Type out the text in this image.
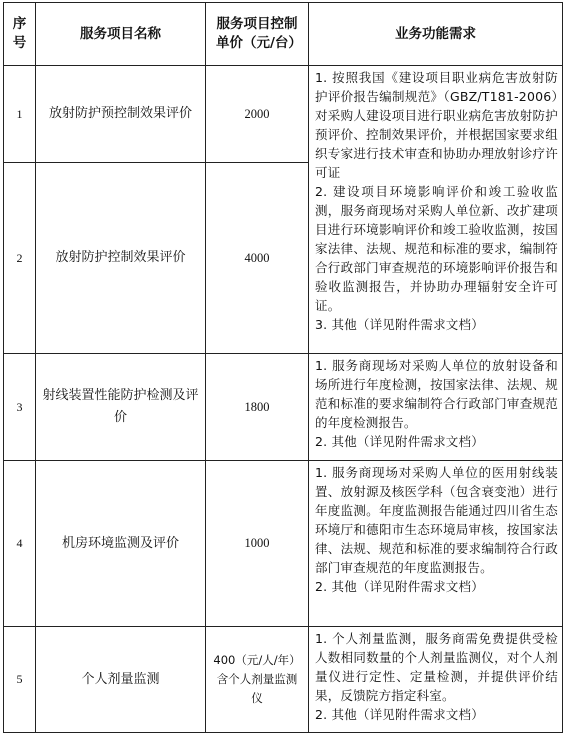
序号	服务项目名称	服务项目控制单价（元/台）	业务功能需求
1	放射防护预控制效果评价	2000	1. 按照我国《建设项目职业病危害放射防护评价报告编制规范》（GBZ/T181-2006）对采购人建设项目进行职业病危害放射防护预评价、控制效果评价，并根据国家要求组织专家进行技术审查和协助办理放射诊疗许可证

2. 建设项目环境影响评价和竣工验收监测，服务商现场对采购人单位新、改扩建项目进行环境影响评价和竣工验收监测，按国家法律、法规、规范和标准的要求，编制符合行政部门审查规范的环境影响评价报告和验收监测报告，并协助办理辐射安全许可证。

3. 其他（详见附件需求文档）

2	放射防护控制效果评价	4000	
3	射线装置性能防护检测及评价	1800	1. 服务商现场对采购人单位的放射设备和场所进行年度检测，按国家法律、法规、规范和标准的要求编制符合行政部门审查规范的年度检测报告。

2. 其他（详见附件需求文档）

4	机房环境监测及评价	1000	1. 服务商现场对采购人单位的医用射线装置、放射源及核医学科（包含衰变池）进行年度监测。年度监测报告能通过四川省生态环境厅和德阳市生态环境局审核，按国家法律、法规、规范和标准的要求编制符合行政部门审查规范的年度监测报告。

2. 其他（详见附件需求文档）

5	个人剂量监测	400（元/人/年）含个人剂量监测仪	1. 个人剂量监测，服务商需免费提供受检人数相同数量的个人剂量监测仪，对个人剂量仪进行定性、定量检测，并提供评价结果，反馈院方指定科室。

2. 其他（详见附件需求文档）
